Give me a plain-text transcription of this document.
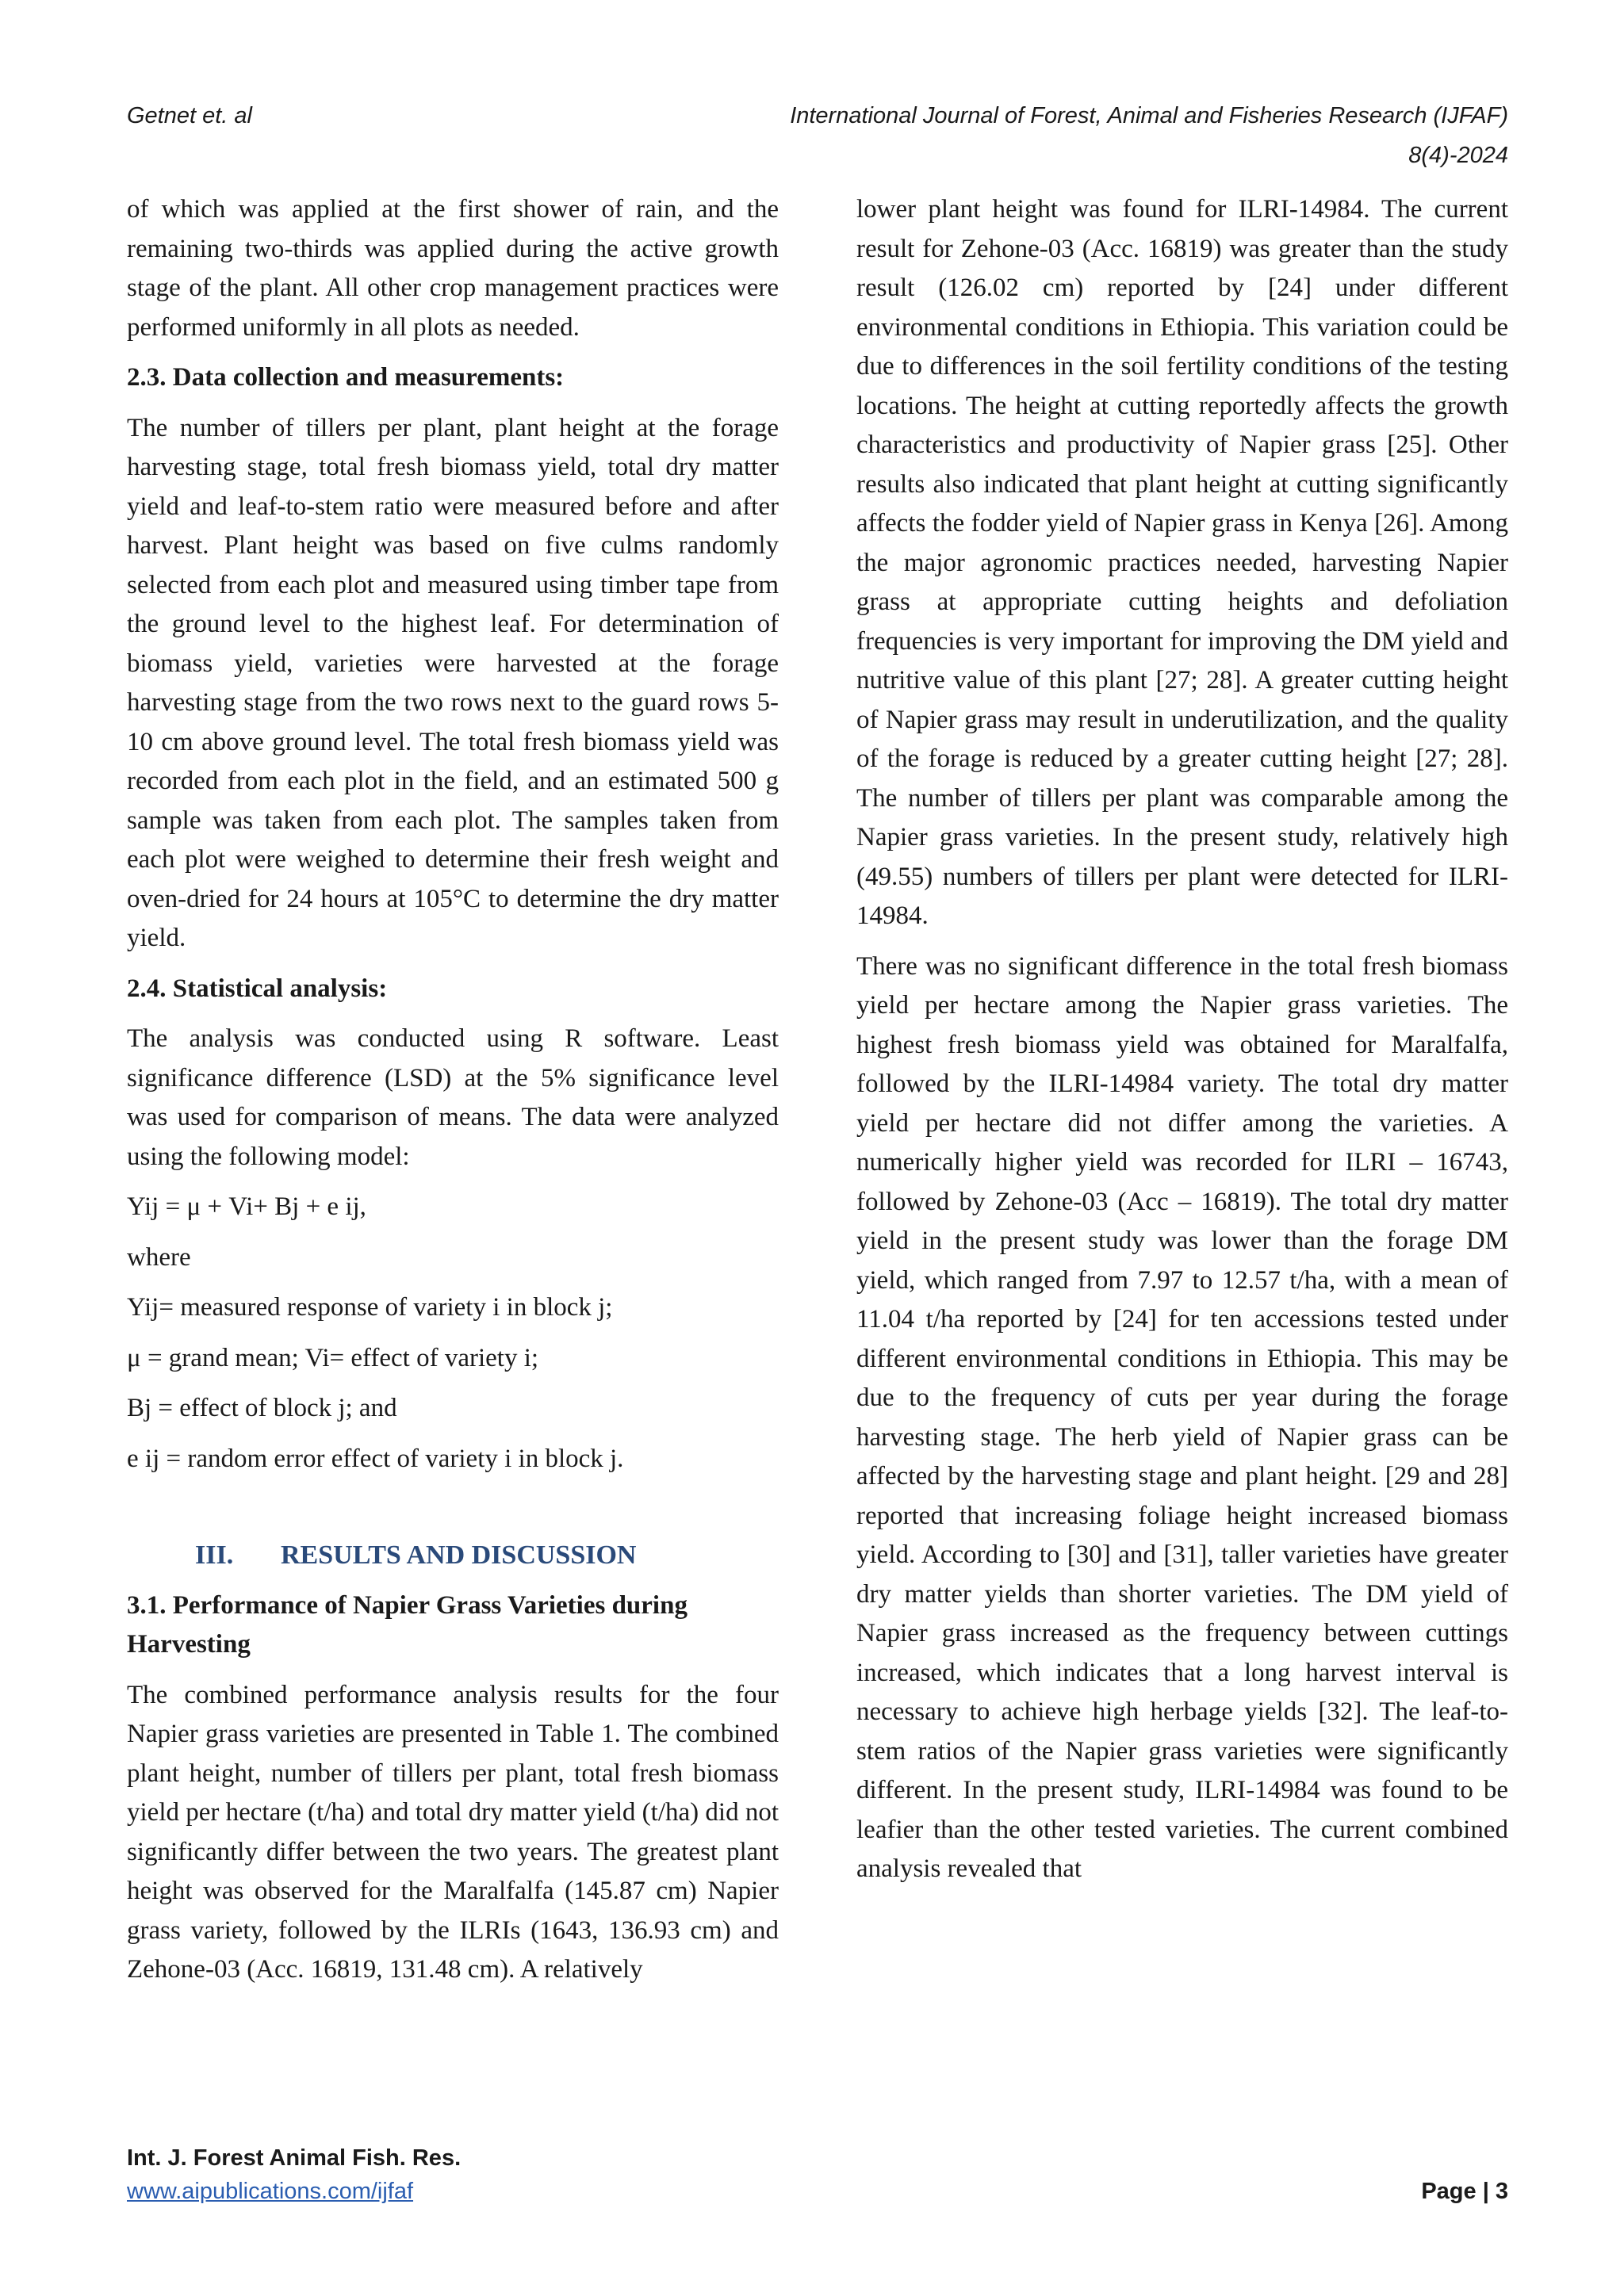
Getnet et. al	International Journal of Forest, Animal and Fisheries Research (IJFAF)
8(4)-2024

of which was applied at the first shower of rain, and the remaining two-thirds was applied during the active growth stage of the plant. All other crop management practices were performed uniformly in all plots as needed.

2.3. Data collection and measurements:

The number of tillers per plant, plant height at the forage harvesting stage, total fresh biomass yield, total dry matter yield and leaf-to-stem ratio were measured before and after harvest. Plant height was based on five culms randomly selected from each plot and measured using timber tape from the ground level to the highest leaf. For determination of biomass yield, varieties were harvested at the forage harvesting stage from the two rows next to the guard rows 5-10 cm above ground level. The total fresh biomass yield was recorded from each plot in the field, and an estimated 500 g sample was taken from each plot. The samples taken from each plot were weighed to determine their fresh weight and oven-dried for 24 hours at 105°C to determine the dry matter yield.

2.4. Statistical analysis:

The analysis was conducted using R software. Least significance difference (LSD) at the 5% significance level was used for comparison of means. The data were analyzed using the following model:

Yij = μ + Vi+ Bj + e ij,

where

Yij= measured response of variety i in block j;

μ = grand mean; Vi= effect of variety i;

Bj = effect of block j; and

e ij = random error effect of variety i in block j.

III.	RESULTS AND DISCUSSION
3.1. Performance of Napier Grass Varieties during Harvesting

The combined performance analysis results for the four Napier grass varieties are presented in Table 1. The combined plant height, number of tillers per plant, total fresh biomass yield per hectare (t/ha) and total dry matter yield (t/ha) did not significantly differ between the two years. The greatest plant height was observed for the Maralfalfa (145.87 cm) Napier grass variety, followed by the ILRIs (1643, 136.93 cm) and Zehone-03 (Acc. 16819, 131.48 cm). A relatively

lower plant height was found for ILRI-14984. The current result for Zehone-03 (Acc. 16819) was greater than the study result (126.02 cm) reported by [24] under different environmental conditions in Ethiopia. This variation could be due to differences in the soil fertility conditions of the testing locations. The height at cutting reportedly affects the growth characteristics and productivity of Napier grass [25]. Other results also indicated that plant height at cutting significantly affects the fodder yield of Napier grass in Kenya [26]. Among the major agronomic practices needed, harvesting Napier grass at appropriate cutting heights and defoliation frequencies is very important for improving the DM yield and nutritive value of this plant [27; 28]. A greater cutting height of Napier grass may result in underutilization, and the quality of the forage is reduced by a greater cutting height [27; 28]. The number of tillers per plant was comparable among the Napier grass varieties. In the present study, relatively high (49.55) numbers of tillers per plant were detected for ILRI-14984.

There was no significant difference in the total fresh biomass yield per hectare among the Napier grass varieties. The highest fresh biomass yield was obtained for Maralfalfa, followed by the ILRI-14984 variety. The total dry matter yield per hectare did not differ among the varieties. A numerically higher yield was recorded for ILRI – 16743, followed by Zehone-03 (Acc – 16819). The total dry matter yield in the present study was lower than the forage DM yield, which ranged from 7.97 to 12.57 t/ha, with a mean of 11.04 t/ha reported by [24] for ten accessions tested under different environmental conditions in Ethiopia. This may be due to the frequency of cuts per year during the forage harvesting stage. The herb yield of Napier grass can be affected by the harvesting stage and plant height. [29 and 28] reported that increasing foliage height increased biomass yield. According to [30] and [31], taller varieties have greater dry matter yields than shorter varieties. The DM yield of Napier grass increased as the frequency between cuttings increased, which indicates that a long harvest interval is necessary to achieve high herbage yields [32]. The leaf-to-stem ratios of the Napier grass varieties were significantly different. In the present study, ILRI-14984 was found to be leafier than the other tested varieties. The current combined analysis revealed that

Int. J. Forest Animal Fish. Res.
www.aipublications.com/ijfaf	Page | 3
